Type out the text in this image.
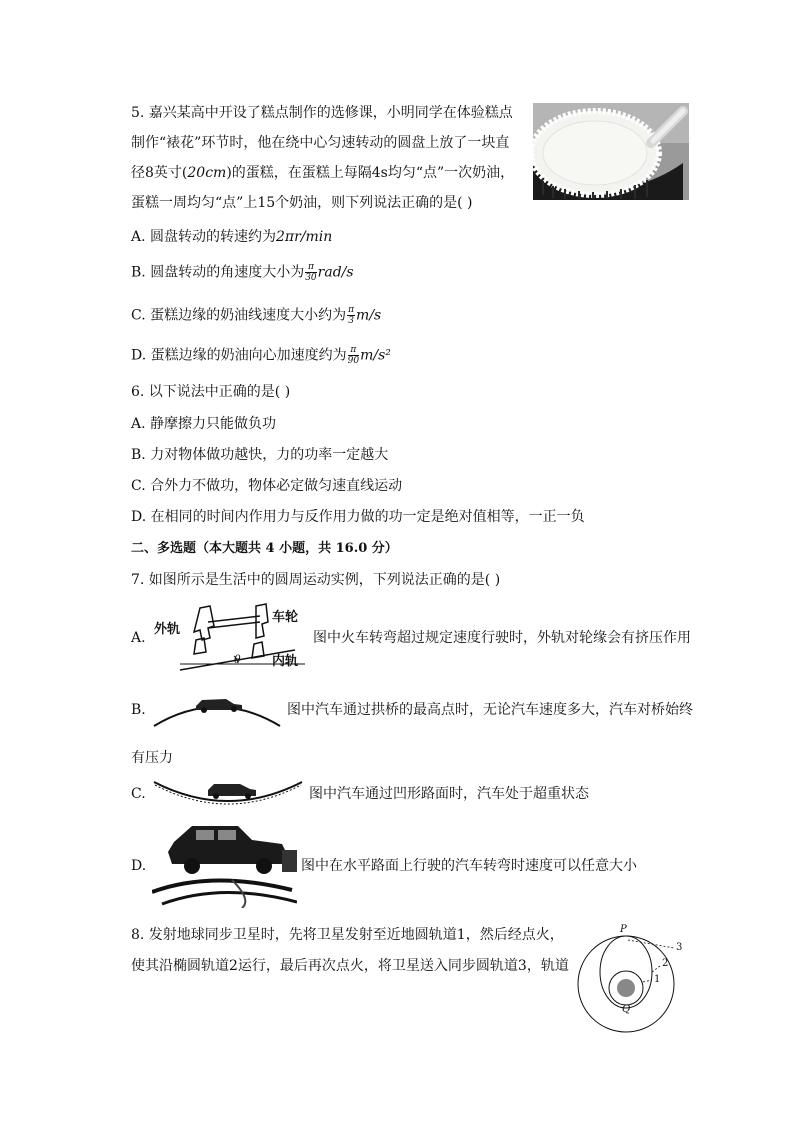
5. 嘉兴某高中开设了糕点制作的选修课，小明同学在体验糕点
制作“裱花”环节时，他在绕中心匀速转动的圆盘上放了一块直
径8英寸(20cm)的蛋糕，在蛋糕上每隔4s均匀“点”一次奶油，
蛋糕一周均匀“点”上15个奶油，则下列说法正确的是( )
A. 圆盘转动的转速约为2πr/min
B. 圆盘转动的角速度大小为 $\frac{\pi}{30} rad/s$
C. 蛋糕边缘的奶油线速度大小约为 $\frac{\pi}{3} m/s$
D. 蛋糕边缘的奶油向心加速度约为 $\frac{\pi}{90} m/s^2$
6. 以下说法中正确的是( )
A. 静摩擦力只能做负功
B. 力对物体做功越快，力的功率一定越大
C. 合外力不做功，物体必定做匀速直线运动
D. 在相同的时间内作用力与反作用力做的功一定是绝对值相等，一正一负
二、多选题（本大题共 4 小题，共 16.0 分）
7. 如图所示是生活中的圆周运动实例，下列说法正确的是( )
A.
外轨
车轮
内轨
θ
图中火车转弯超过规定速度行驶时，外轨对轮缘会有挤压作用
B.	图中汽车通过拱桥的最高点时，无论汽车速度多大，汽车对桥始终
有压力
C.	图中汽车通过凹形路面时，汽车处于超重状态
D.	图中在水平路面上行驶的汽车转弯时速度可以任意大小
8. 发射地球同步卫星时，先将卫星发射至近地圆轨道1，然后经点火，
使其沿椭圆轨道2运行，最后再次点火，将卫星送入同步圆轨道3，轨道
P
Q
3
2
1
